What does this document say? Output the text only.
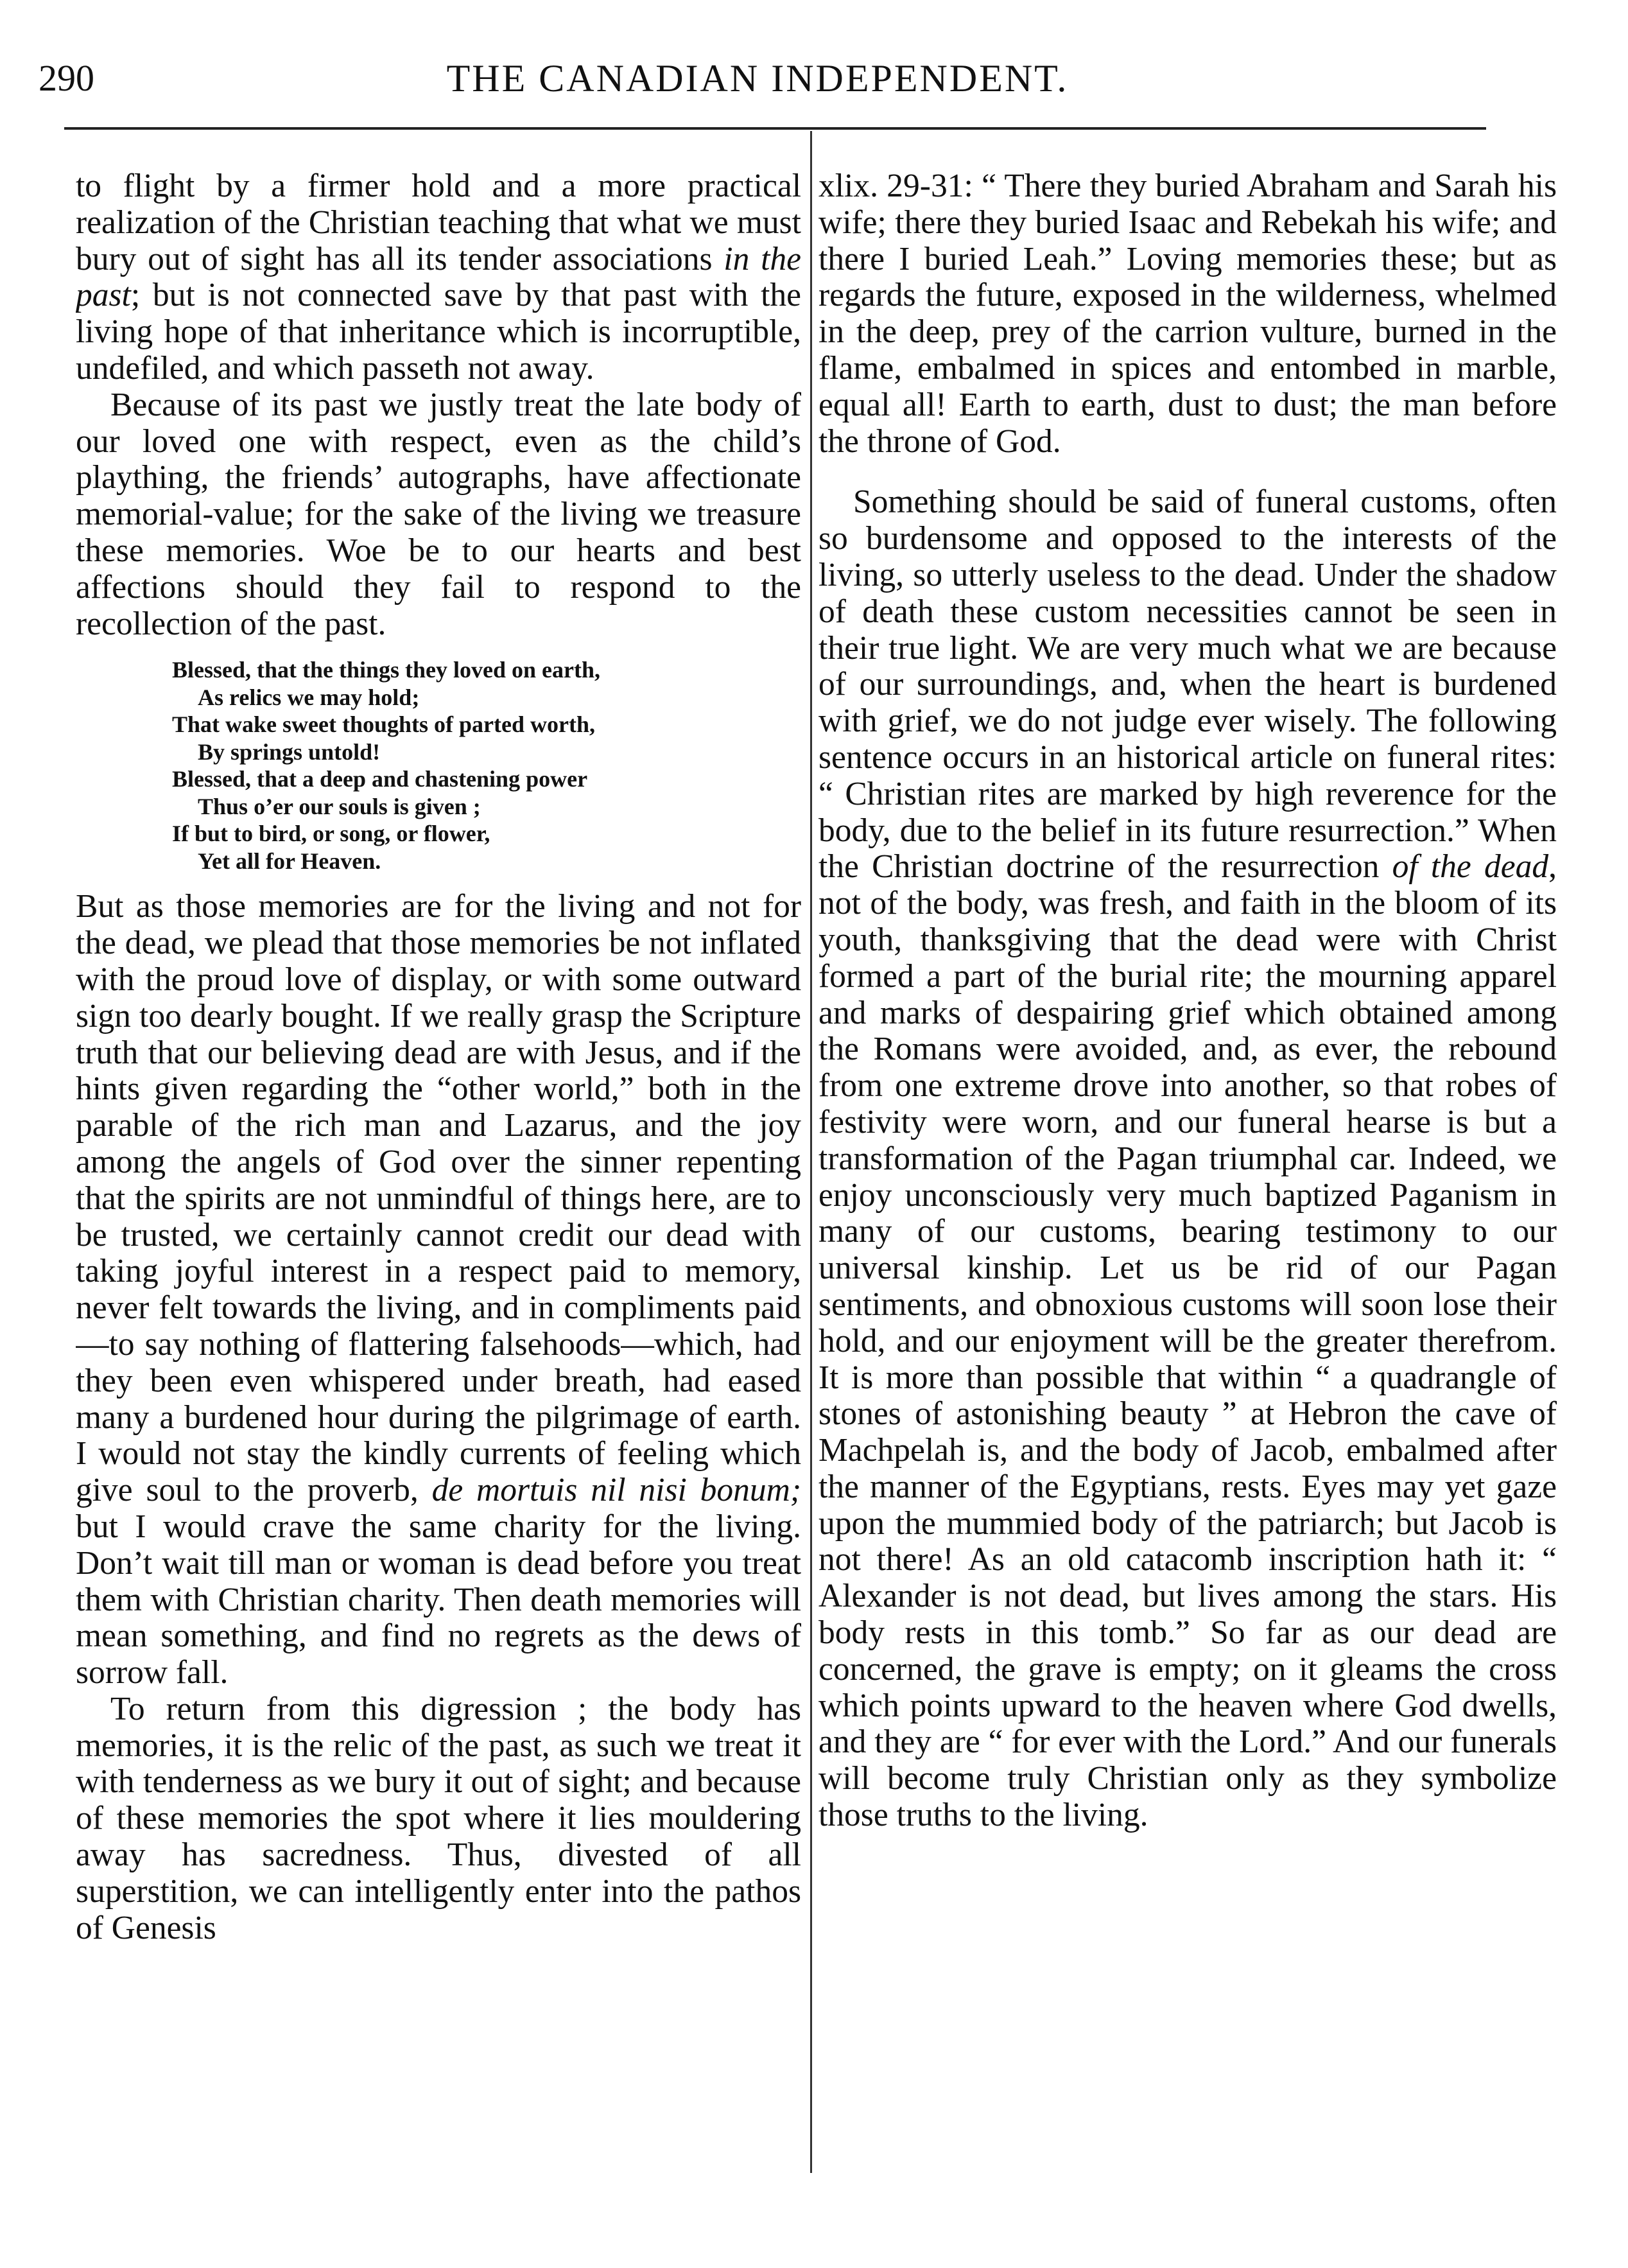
290	THE CANADIAN INDEPENDENT.

to flight by a firmer hold and a more practical realization of the Christian teaching that what we must bury out of sight has all its tender associations in the past; but is not connected save by that past with the living hope of that inheritance which is incorruptible, undefiled, and which passeth not away.

Because of its past we justly treat the late body of our loved one with respect, even as the child’s plaything, the friends’ autographs, have affectionate memorial-value; for the sake of the living we treasure these memories. Woe be to our hearts and best affections should they fail to respond to the recollection of the past.

Blessed, that the things they loved on earth,
As relics we may hold;
That wake sweet thoughts of parted worth,
By springs untold!
Blessed, that a deep and chastening power
Thus o’er our souls is given ;
If but to bird, or song, or flower,
Yet all for Heaven.

But as those memories are for the living and not for the dead, we plead that those memories be not inflated with the proud love of display, or with some outward sign too dearly bought. If we really grasp the Scripture truth that our believing dead are with Jesus, and if the hints given regarding the “other world,” both in the parable of the rich man and Lazarus, and the joy among the angels of God over the sinner repenting that the spirits are not unmindful of things here, are to be trusted, we certainly cannot credit our dead with taking joyful interest in a respect paid to memory, never felt towards the living, and in compliments paid—to say nothing of flattering falsehoods—which, had they been even whispered under breath, had eased many a burdened hour during the pilgrimage of earth. I would not stay the kindly currents of feeling which give soul to the proverb, de mortuis nil nisi bonum; but I would crave the same charity for the living. Don’t wait till man or woman is dead before you treat them with Christian charity. Then death memories will mean something, and find no regrets as the dews of sorrow fall.

To return from this digression ; the body has memories, it is the relic of the past, as such we treat it with tenderness as we bury it out of sight; and because of these memories the spot where it lies mouldering away has sacredness. Thus, divested of all superstition, we can intelligently enter into the pathos of Genesis

xlix. 29-31: “ There they buried Abraham and Sarah his wife; there they buried Isaac and Rebekah his wife; and there I buried Leah.” Loving memories these; but as regards the future, exposed in the wilderness, whelmed in the deep, prey of the carrion vulture, burned in the flame, embalmed in spices and entombed in marble, equal all! Earth to earth, dust to dust; the man before the throne of God.

Something should be said of funeral customs, often so burdensome and opposed to the interests of the living, so utterly useless to the dead. Under the shadow of death these custom necessities cannot be seen in their true light. We are very much what we are because of our surroundings, and, when the heart is burdened with grief, we do not judge ever wisely. The following sentence occurs in an historical article on funeral rites: “ Christian rites are marked by high reverence for the body, due to the belief in its future resurrection.” When the Christian doctrine of the resurrection of the dead, not of the body, was fresh, and faith in the bloom of its youth, thanksgiving that the dead were with Christ formed a part of the burial rite; the mourning apparel and marks of despairing grief which obtained among the Romans were avoided, and, as ever, the rebound from one extreme drove into another, so that robes of festivity were worn, and our funeral hearse is but a transformation of the Pagan triumphal car. Indeed, we enjoy unconsciously very much baptized Paganism in many of our customs, bearing testimony to our universal kinship. Let us be rid of our Pagan sentiments, and obnoxious customs will soon lose their hold, and our enjoyment will be the greater therefrom. It is more than possible that within “ a quadrangle of stones of astonishing beauty ” at Hebron the cave of Machpelah is, and the body of Jacob, embalmed after the manner of the Egyptians, rests. Eyes may yet gaze upon the mummied body of the patriarch; but Jacob is not there! As an old catacomb inscription hath it: “ Alexander is not dead, but lives among the stars. His body rests in this tomb.” So far as our dead are concerned, the grave is empty; on it gleams the cross which points upward to the heaven where God dwells, and they are “ for ever with the Lord.” And our funerals will become truly Christian only as they symbolize those truths to the living.
